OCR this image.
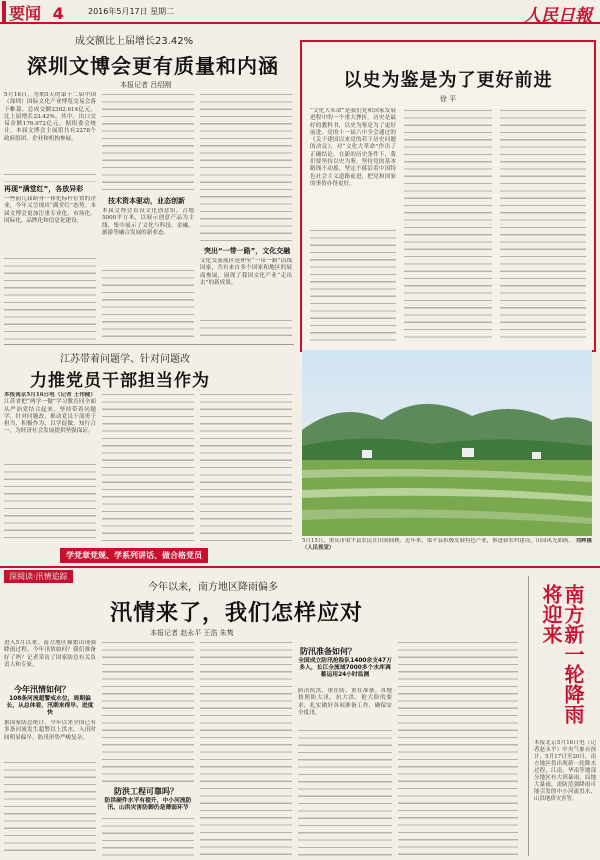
要闻 4	2016年5月17日 星期二	人民日報
成交额比上届增长23.42%
深圳文博会更有质量和内涵
本报记者 吕绍刚
5月16日，为期5天的第十二届中国（深圳）国际文化产业博览交易会落下帷幕。总成交额2302.614亿元，比上届增长23.42%，其中，出口交易金额176.972亿元。据组委会统计，本届文博会主展馆共有2278个政府组团、企业和机构参展。
再现“满堂红”，各放异彩
一些前几届跻身一体化标杆位置的企业，今年又呈现出“满堂红”态势。本届文博会更加注重专业化、市场化、国际化、品牌化和信息化建设。
技术资本驱动，业态创新
本届文博会首设文化创意馆，占地5000平方米，以展示创意产品为主线，集中展示了文化与科技、金融、旅游等融合发展的新业态。
突出“一带一路”，文化交融
文化交流展区延伸至“一带一路”沿线国家，共有来自多个国家和地区的展商参展，展现了我国文化产业“走出去”的新成果。
以史为鉴是为了更好前进
徐 平
“文化大革命”是我们党和国家发展进程中的一个重大挫折。历史是最好的教科书，以史为鉴是为了更好前进。党的十一届六中全会通过的《关于建国以来党的若干历史问题的决议》，对“文化大革命”作出了正确结论。在新的历史条件下，我们要坚持以史为鉴，坚持党的基本路线不动摇，坚定不移沿着中国特色社会主义道路前进，把党和国家的事情办得更好。
江苏带着问题学、针对问题改
力推党员干部担当作为
本报南京5月16日电（记者 王伟健） 江苏省把“两学一做”学习教育同全面从严治党结合起来，坚持带着问题学、针对问题改，推动党员干部勇于担当、积极作为，以学促做、知行合一，为经济社会发展提供坚强保证。
学党章党规、学系列讲话、做合格党员
5月15日，重庆市梁平县农民在田间插秧。近年来，梁平县积极发展特色产业，推进新农村建设，田园风光如画。 刘辉摄（人民视觉）
深阅读·汛情追踪
今年以来，南方地区降雨偏多
汛情来了，我们怎样应对
本报记者 赵永平 王浩 朱隽
进入5月以来，南方地区频繁出现强降雨过程。今年汛情如何？我们准备好了吗？记者采访了国家防总有关负责人和专家。
今年汛情如何？
108条河流超警戒水位，周期偏长，从总体看，汛期来得早、进度快
据国家防总统计，今年以来全国已有多条河流发生超警以上洪水，入汛时间明显偏早，防汛形势严峻复杂。
防洪工程可靠吗？
防洪硬件水平有提升，中小河流防汛、山洪灾害防御仍是薄弱环节
防汛准备如何？
全国成立防汛抢险队1400余支47万多人，长江全流域7000多个水库调蓄运用24小时监测
防汛抗洪，重在防、重在准备。各地按照防大汛、抗大洪、抢大险的要求，扎实做好各项准备工作，确保安全度汛。	南方新一轮降雨将迎来
本报北京5月16日电（记者赵永平）中央气象台预计，5月17日至20日，南方地区将出现新一轮降水过程，江南、华南等地部分地区有大到暴雨，局地大暴雨，需防范强降雨可能引发的中小河流洪水、山洪地质灾害等。
